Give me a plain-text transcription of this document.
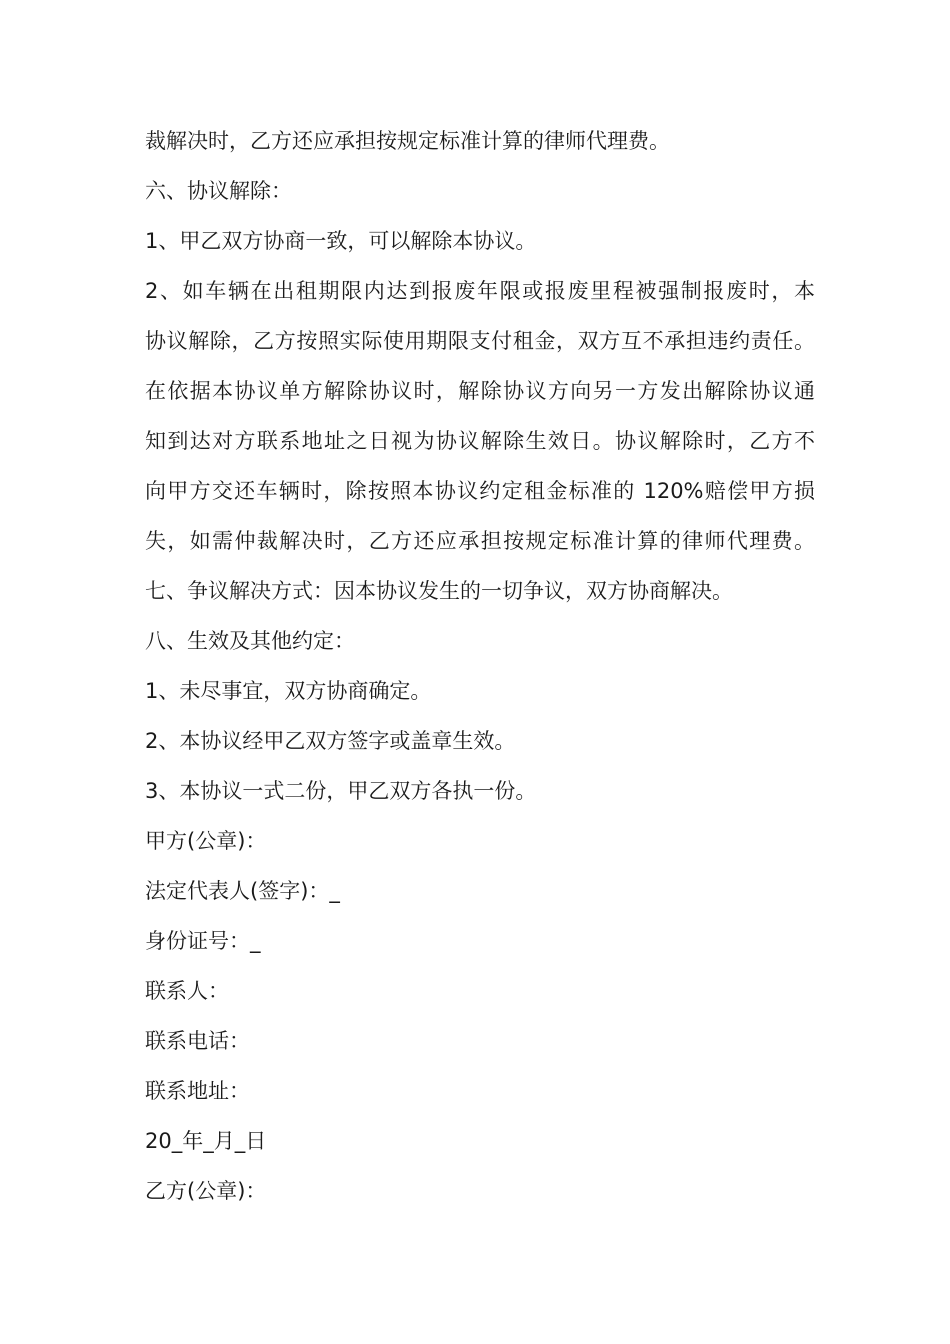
裁解决时，乙方还应承担按规定标准计算的律师代理费。
六、协议解除：
1、甲乙双方协商一致，可以解除本协议。
2、如车辆在出租期限内达到报废年限或报废里程被强制报废时，本
协议解除，乙方按照实际使用期限支付租金，双方互不承担违约责任。
在依据本协议单方解除协议时，解除协议方向另一方发出解除协议通
知到达对方联系地址之日视为协议解除生效日。协议解除时，乙方不
向甲方交还车辆时，除按照本协议约定租金标准的 120%赔偿甲方损
失，如需仲裁解决时，乙方还应承担按规定标准计算的律师代理费。
七、争议解决方式：因本协议发生的一切争议，双方协商解决。
八、生效及其他约定：
1、未尽事宜，双方协商确定。
2、本协议经甲乙双方签字或盖章生效。
3、本协议一式二份，甲乙双方各执一份。
甲方(公章)：
法定代表人(签字)：_
身份证号：_
联系人：
联系电话：
联系地址：
20_年_月_日
乙方(公章)：
